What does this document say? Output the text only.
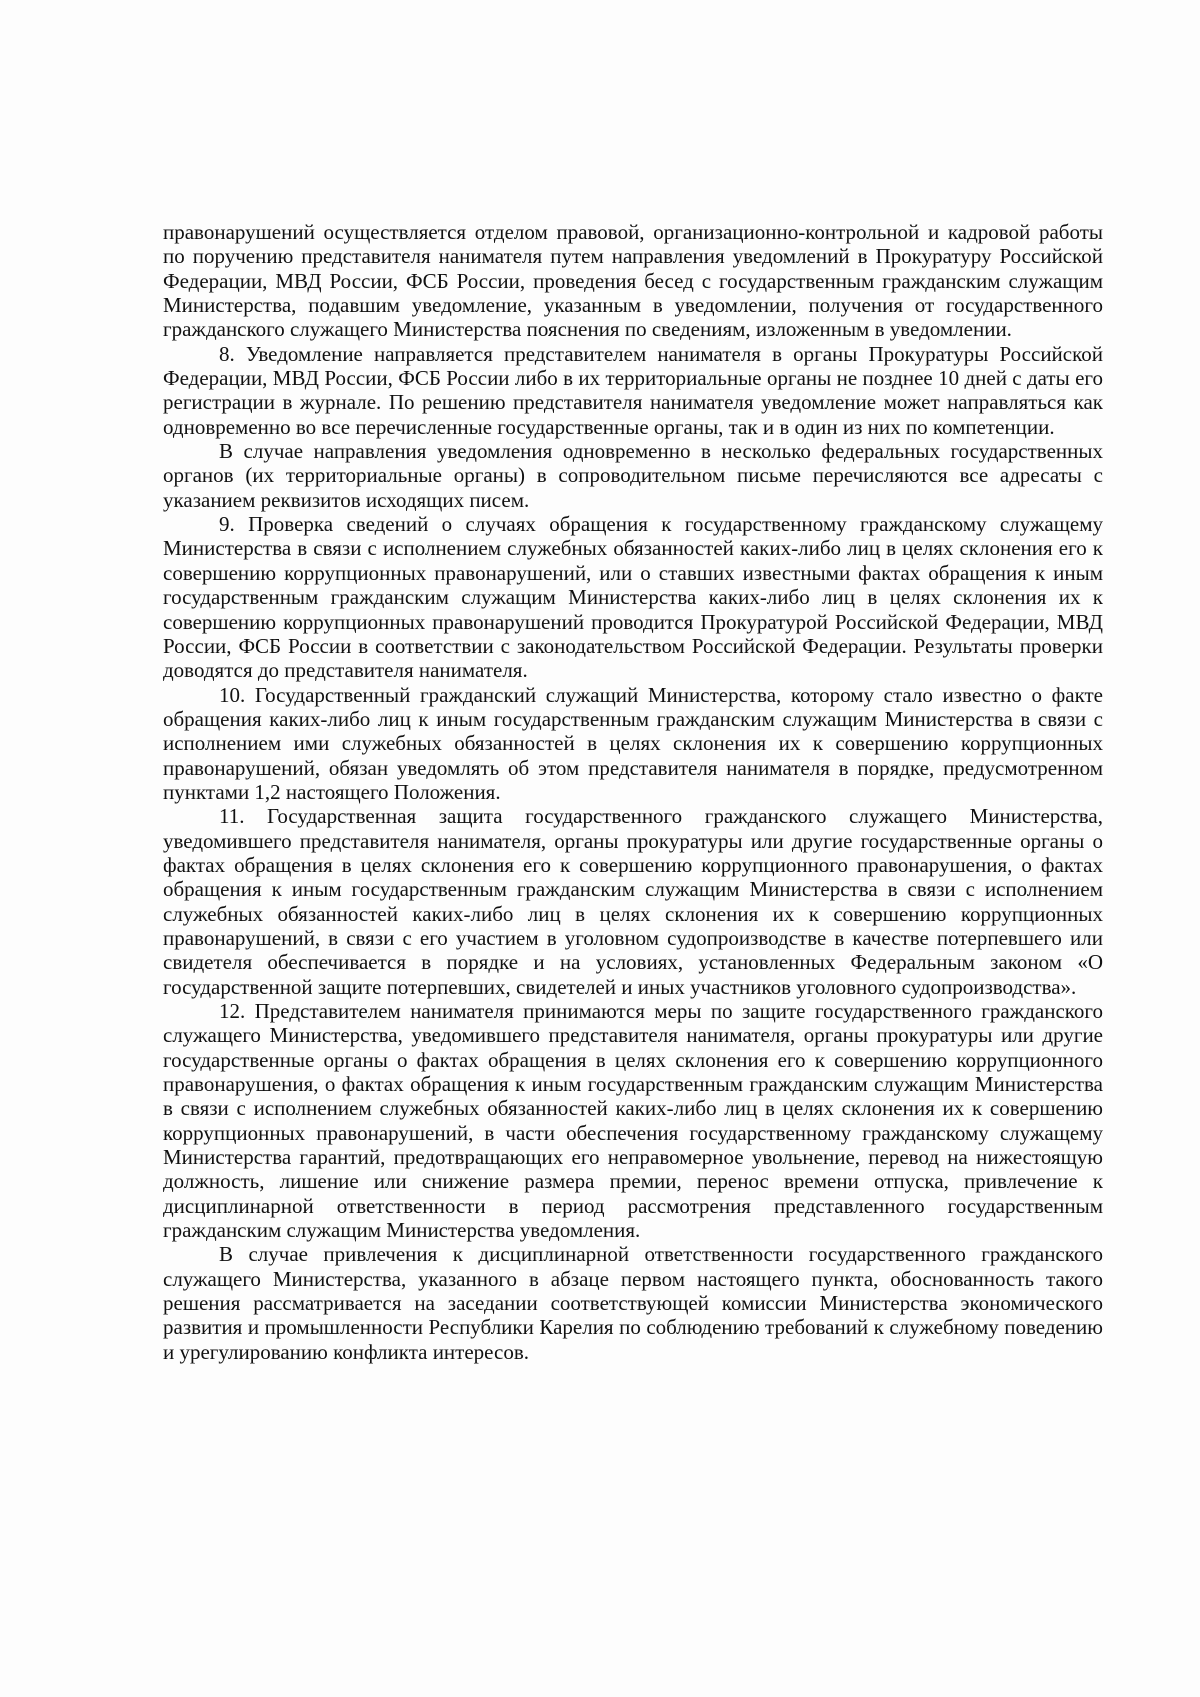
правонарушений осуществляется отделом правовой, организационно-контрольной и кадровой работы по поручению представителя нанимателя путем направления уведомлений в Прокуратуру Российской Федерации, МВД России, ФСБ России, проведения бесед с государственным гражданским служащим Министерства, подавшим уведомление, указанным в уведомлении, получения от государственного гражданского служащего Министерства пояснения по сведениям, изложенным в уведомлении.

8. Уведомление направляется представителем нанимателя в органы Прокуратуры Российской Федерации, МВД России, ФСБ России либо в их территориальные органы не позднее 10 дней с даты его регистрации в журнале. По решению представителя нанимателя уведомление может направляться как одновременно во все перечисленные государственные органы, так и в один из них по компетенции.

В случае направления уведомления одновременно в несколько федеральных государственных органов (их территориальные органы) в сопроводительном письме перечисляются все адресаты с указанием реквизитов исходящих писем.

9. Проверка сведений о случаях обращения к государственному гражданскому служащему Министерства в связи с исполнением служебных обязанностей каких-либо лиц в целях склонения его к совершению коррупционных правонарушений, или о ставших известными фактах обращения к иным государственным гражданским служащим Министерства каких-либо лиц в целях склонения их к совершению коррупционных правонарушений проводится Прокуратурой Российской Федерации, МВД России, ФСБ России в соответствии с законодательством Российской Федерации. Результаты проверки доводятся до представителя нанимателя.

10. Государственный гражданский служащий Министерства, которому стало известно о факте обращения каких-либо лиц к иным государственным гражданским служащим Министерства в связи с исполнением ими служебных обязанностей в целях склонения их к совершению коррупционных правонарушений, обязан уведомлять об этом представителя нанимателя в порядке, предусмотренном пунктами 1,2 настоящего Положения.

11. Государственная защита государственного гражданского служащего Министерства, уведомившего представителя нанимателя, органы прокуратуры или другие государственные органы о фактах обращения в целях склонения его к совершению коррупционного правонарушения, о фактах обращения к иным государственным гражданским служащим Министерства в связи с исполнением служебных обязанностей каких-либо лиц в целях склонения их к совершению коррупционных правонарушений, в связи с его участием в уголовном судопроизводстве в качестве потерпевшего или свидетеля обеспечивается в порядке и на условиях, установленных Федеральным законом «О государственной защите потерпевших, свидетелей и иных участников уголовного судопроизводства».

12. Представителем нанимателя принимаются меры по защите государственного гражданского служащего Министерства, уведомившего представителя нанимателя, органы прокуратуры или другие государственные органы о фактах обращения в целях склонения его к совершению коррупционного правонарушения, о фактах обращения к иным государственным гражданским служащим Министерства в связи с исполнением служебных обязанностей каких-либо лиц в целях склонения их к совершению коррупционных правонарушений, в части обеспечения государственному гражданскому служащему Министерства гарантий, предотвращающих его неправомерное увольнение, перевод на нижестоящую должность, лишение или снижение размера премии, перенос времени отпуска, привлечение к дисциплинарной ответственности в период рассмотрения представленного государственным гражданским служащим Министерства уведомления.

В случае привлечения к дисциплинарной ответственности государственного гражданского служащего Министерства, указанного в абзаце первом настоящего пункта, обоснованность такого решения рассматривается на заседании соответствующей комиссии Министерства экономического развития и промышленности Республики Карелия по соблюдению требований к служебному поведению и урегулированию конфликта интересов.
